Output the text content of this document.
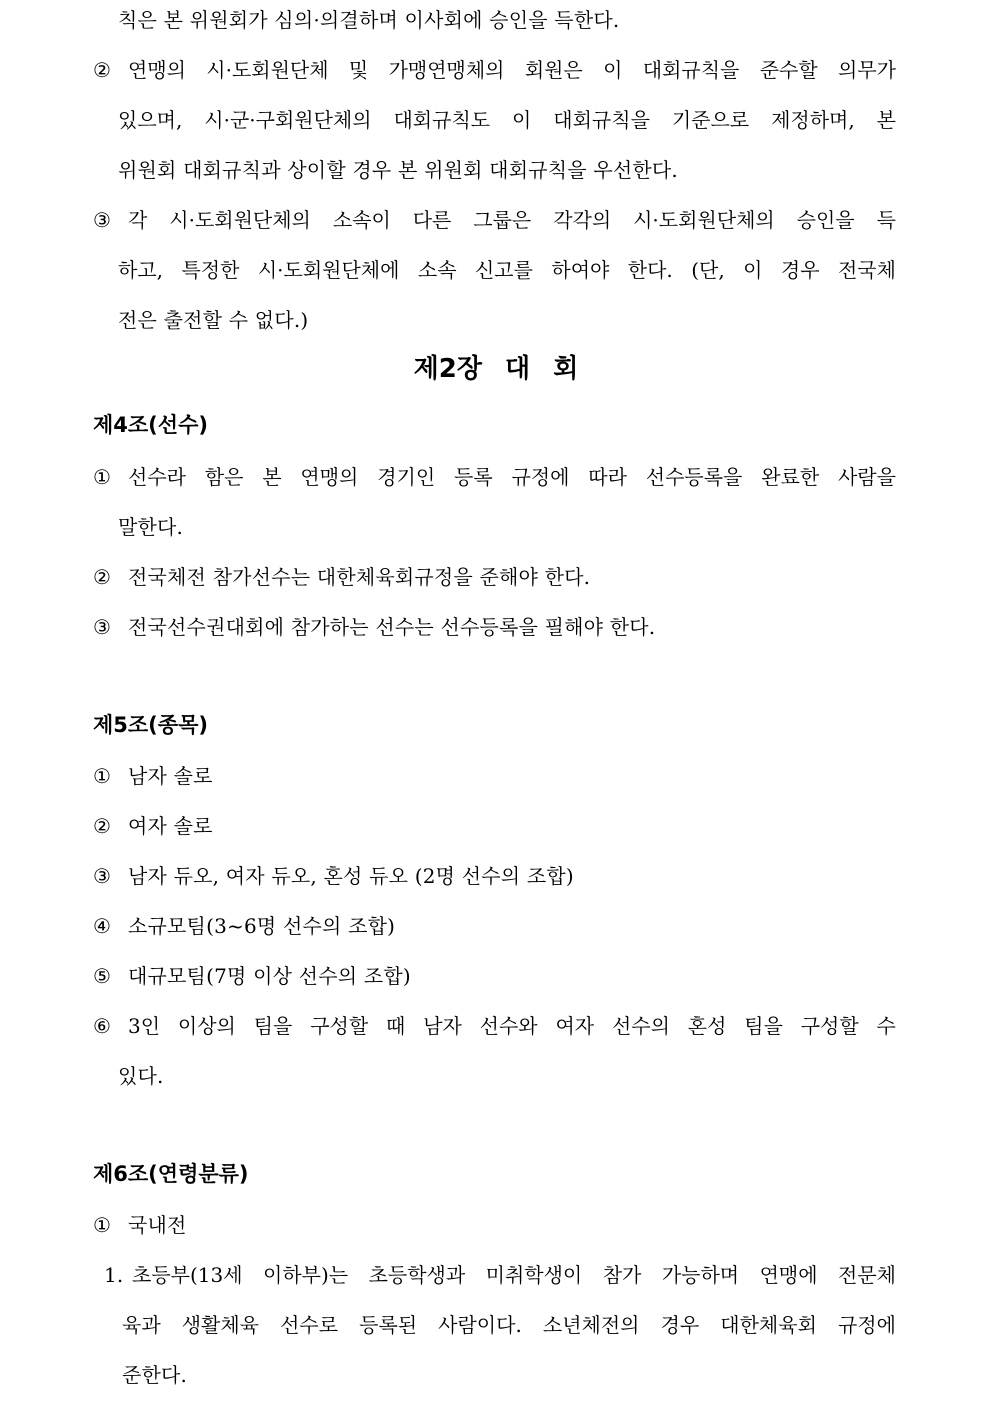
칙은 본 위원회가 심의·의결하며 이사회에 승인을 득한다.
② 연맹의 시·도회원단체 및 가맹연맹체의 회원은 이 대회규칙을 준수할 의무가
있으며, 시·군·구회원단체의 대회규칙도 이 대회규칙을 기준으로 제정하며, 본
위원회 대회규칙과 상이할 경우 본 위원회 대회규칙을 우선한다.
③ 각 시·도회원단체의 소속이 다른 그룹은 각각의 시·도회원단체의 승인을 득
하고, 특정한 시·도회원단체에 소속 신고를 하여야 한다. (단, 이 경우 전국체
전은 출전할 수 없다.)
제2장 대 회
제4조(선수)
① 선수라 함은 본 연맹의 경기인 등록 규정에 따라 선수등록을 완료한 사람을
말한다.
② 전국체전 참가선수는 대한체육회규정을 준해야 한다.
③ 전국선수권대회에 참가하는 선수는 선수등록을 필해야 한다.
제5조(종목)
① 남자 솔로
② 여자 솔로
③ 남자 듀오, 여자 듀오, 혼성 듀오 (2명 선수의 조합)
④ 소규모팀(3~6명 선수의 조합)
⑤ 대규모팀(7명 이상 선수의 조합)
⑥ 3인 이상의 팀을 구성할 때 남자 선수와 여자 선수의 혼성 팀을 구성할 수
있다.
제6조(연령분류)
① 국내전
1. 초등부(13세 이하부)는 초등학생과 미취학생이 참가 가능하며 연맹에 전문체
육과 생활체육 선수로 등록된 사람이다. 소년체전의 경우 대한체육회 규정에
준한다.
